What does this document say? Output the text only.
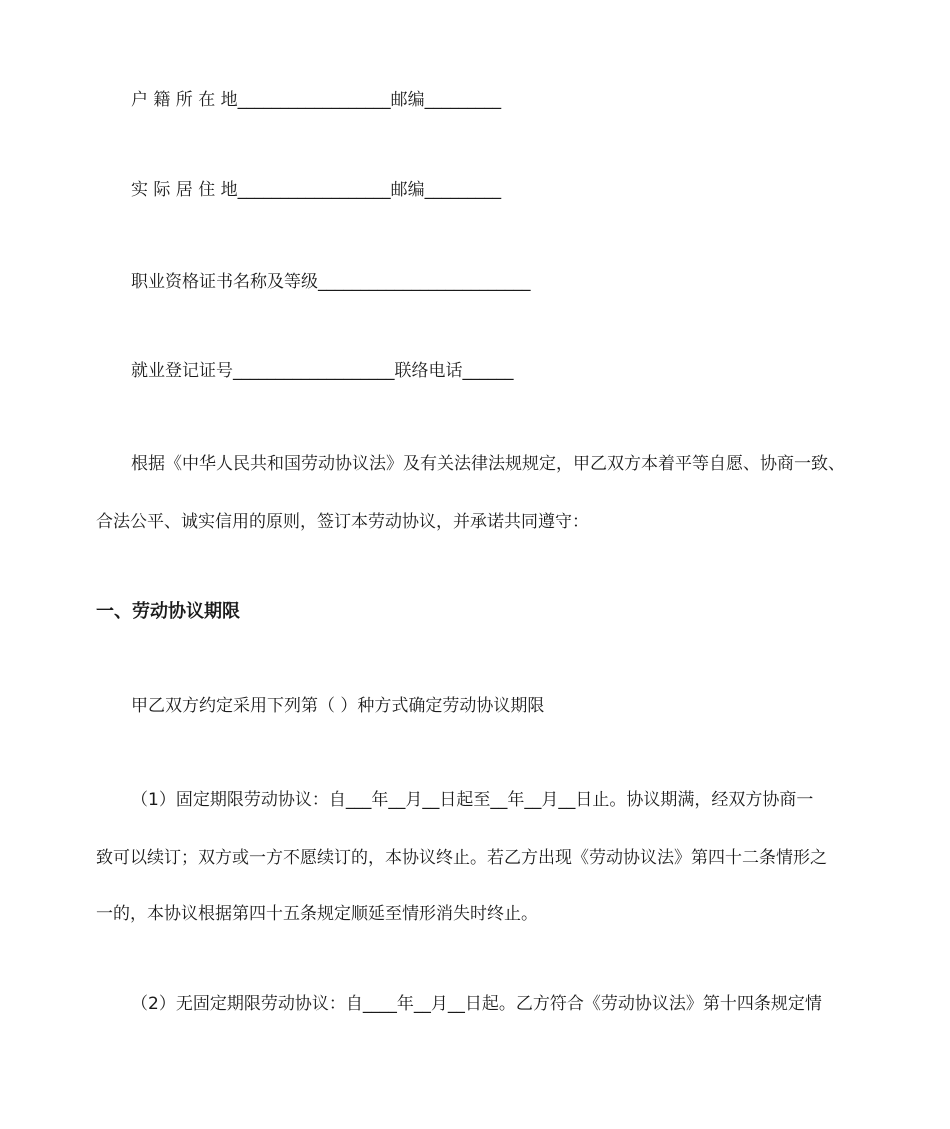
户 籍 所 在 地__________________邮编_________
实 际 居 住 地__________________邮编_________
职业资格证书名称及等级_________________________
就业登记证号___________________联络电话______
根据《中华人民共和国劳动协议法》及有关法律法规规定，甲乙双方本着平等自愿、协商一致、
合法公平、诚实信用的原则，签订本劳动协议，并承诺共同遵守：
一、劳动协议期限
甲乙双方约定采用下列第（ ）种方式确定劳动协议期限
（1）固定期限劳动协议：自___年__月__日起至__年__月__日止。协议期满，经双方协商一
致可以续订；双方或一方不愿续订的，本协议终止。若乙方出现《劳动协议法》第四十二条情形之
一的，本协议根据第四十五条规定顺延至情形消失时终止。
（2）无固定期限劳动协议：自____年__月__日起。乙方符合《劳动协议法》第十四条规定情
